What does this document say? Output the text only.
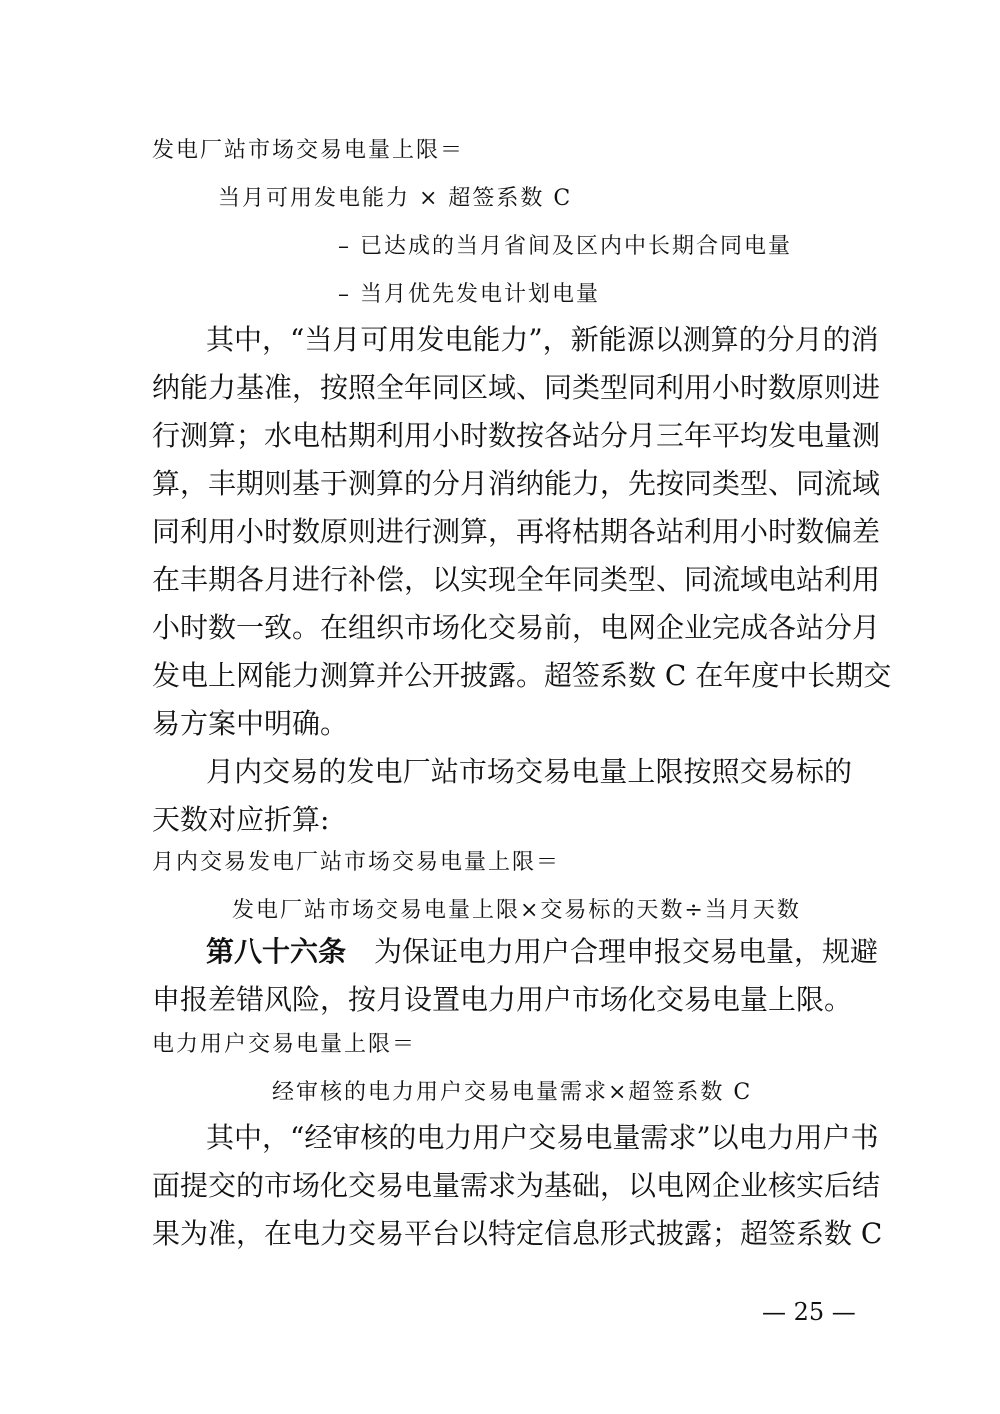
发电厂站市场交易电量上限＝
当月可用发电能力 × 超签系数 C
– 已达成的当月省间及区内中长期合同电量
– 当月优先发电计划电量
其中，“当月可用发电能力”，新能源以测算的分月的消
纳能力基准，按照全年同区域、同类型同利用小时数原则进
行测算；水电枯期利用小时数按各站分月三年平均发电量测
算，丰期则基于测算的分月消纳能力，先按同类型、同流域
同利用小时数原则进行测算，再将枯期各站利用小时数偏差
在丰期各月进行补偿，以实现全年同类型、同流域电站利用
小时数一致。在组织市场化交易前，电网企业完成各站分月
发电上网能力测算并公开披露。超签系数 C 在年度中长期交
易方案中明确。
月内交易的发电厂站市场交易电量上限按照交易标的
天数对应折算:
月内交易发电厂站市场交易电量上限＝
发电厂站市场交易电量上限×交易标的天数÷当月天数
第八十六条 为保证电力用户合理申报交易电量，规避
申报差错风险，按月设置电力用户市场化交易电量上限。
电力用户交易电量上限＝
经审核的电力用户交易电量需求×超签系数 C
其中，“经审核的电力用户交易电量需求”以电力用户书
面提交的市场化交易电量需求为基础，以电网企业核实后结
果为准，在电力交易平台以特定信息形式披露；超签系数 C
— 25 —
